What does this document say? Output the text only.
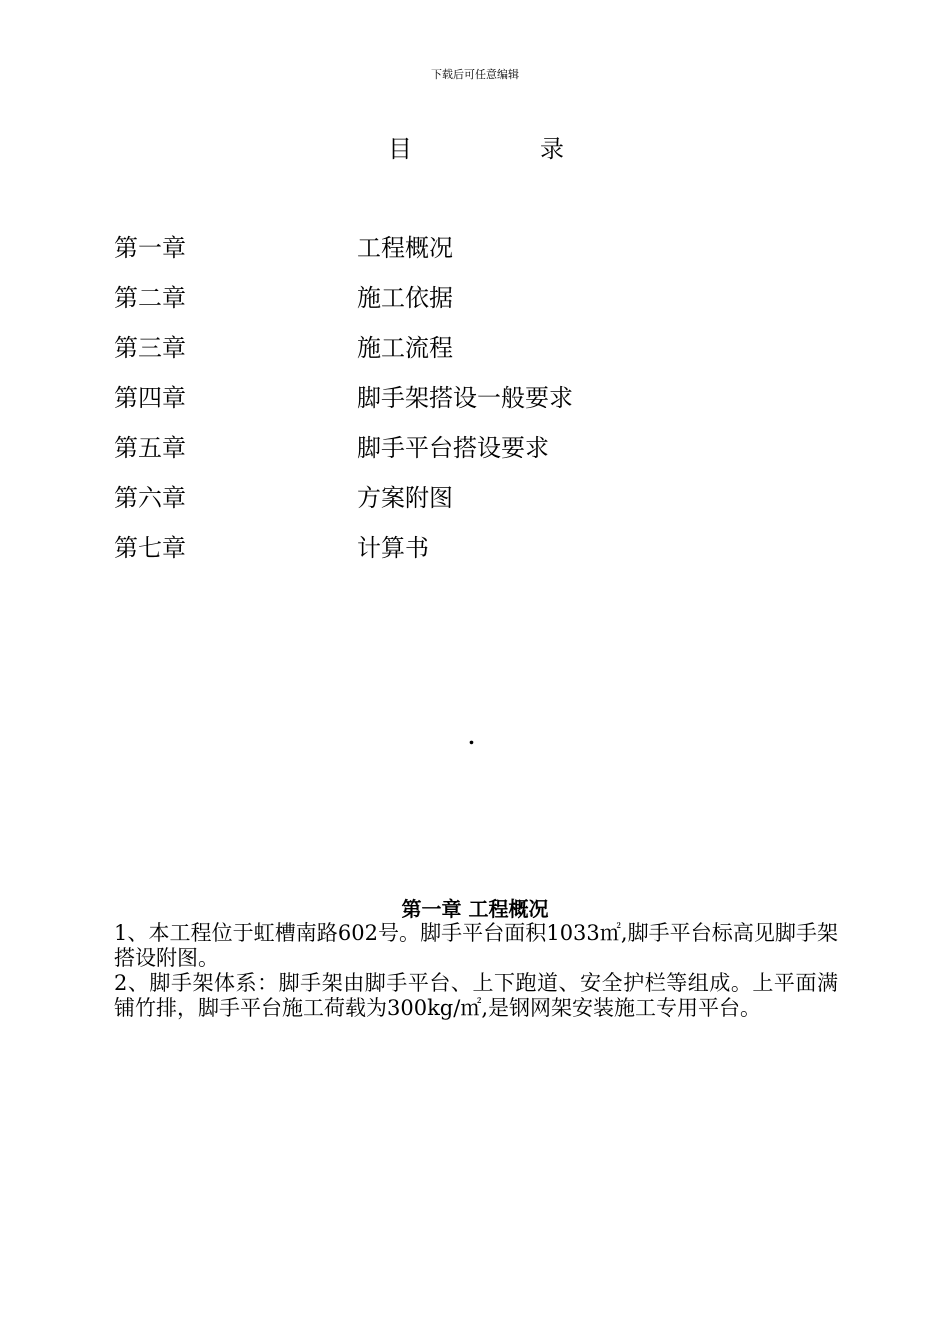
下载后可任意编辑
目	录
第一章	工程概况
第二章	施工依据
第三章	施工流程
第四章	脚手架搭设一般要求
第五章	脚手平台搭设要求
第六章	方案附图
第七章	计算书
.
第一章 工程概况

1、本工程位于虹槽南路602号。脚手平台面积1033㎡,脚手平台标高见脚手架搭设附图。

2、脚手架体系：脚手架由脚手平台、上下跑道、安全护栏等组成。上平面满铺竹排，脚手平台施工荷载为300kg/㎡,是钢网架安装施工专用平台。
